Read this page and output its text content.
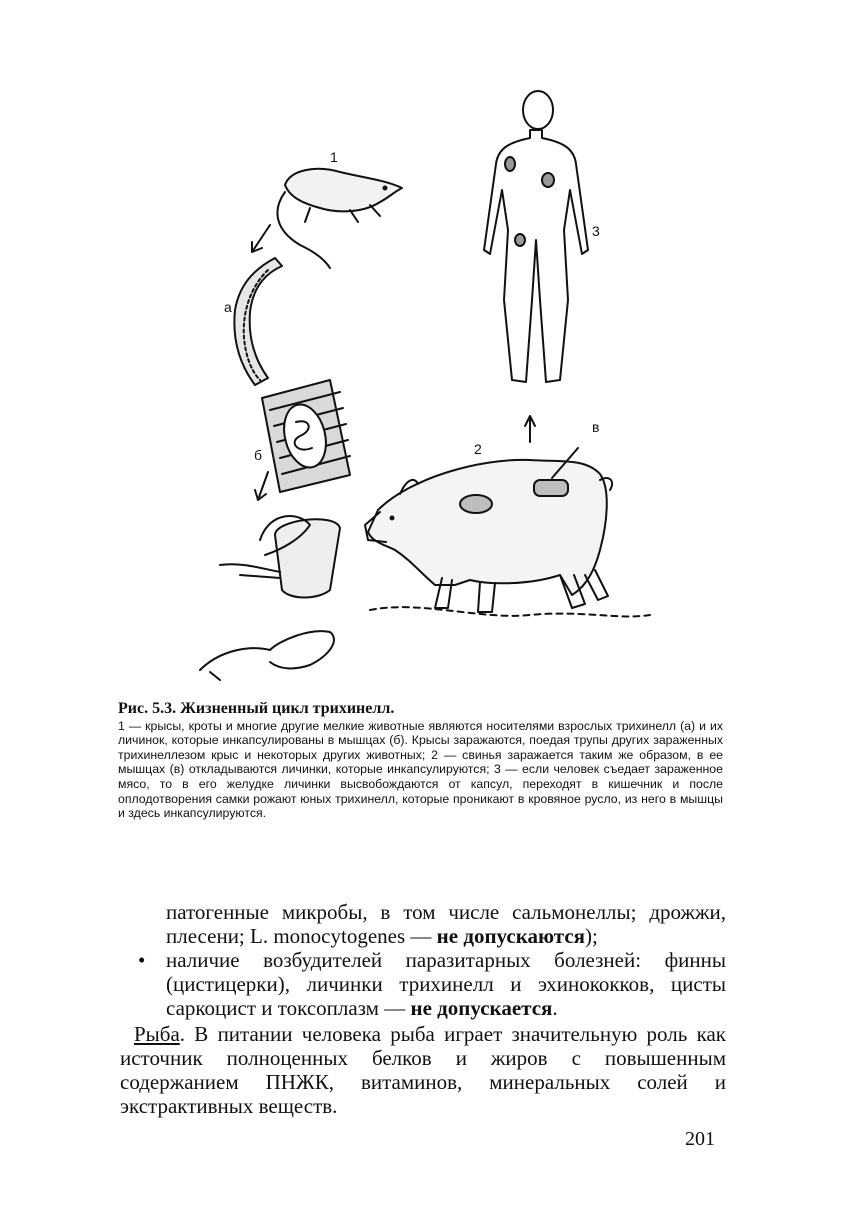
1
а
б	2
в
3
Рис. 5.3. Жизненный цикл трихинелл.
1 — крысы, кроты и многие другие мелкие животные являются носителями взрослых трихинелл (а) и их личинок, которые инкапсулированы в мышцах (б). Крысы заражаются, поедая трупы других зараженных трихинеллезом крыс и некоторых других животных; 2 — свинья заражается таким же образом, в ее мышцах (в) откладываются личинки, которые инкапсулируются; 3 — если человек съедает зараженное мясо, то в его желудке личинки высвобождаются от капсул, переходят в кишечник и после оплодотворения самки рожают юных трихинелл, которые проникают в кровяное русло, из него в мышцы и здесь инкапсулируются.
патогенные микробы, в том числе сальмонеллы; дрожжи, плесени; L. monocytogenes — не допускаются);
• наличие возбудителей паразитарных болезней: финны (цистицерки), личинки трихинелл и эхинококков, цисты саркоцист и токсоплазм — не допускается.
Рыба. В питании человека рыба играет значительную роль как источник полноценных белков и жиров с повышенным содержанием ПНЖК, витаминов, минеральных солей и экстрактивных веществ.
201
